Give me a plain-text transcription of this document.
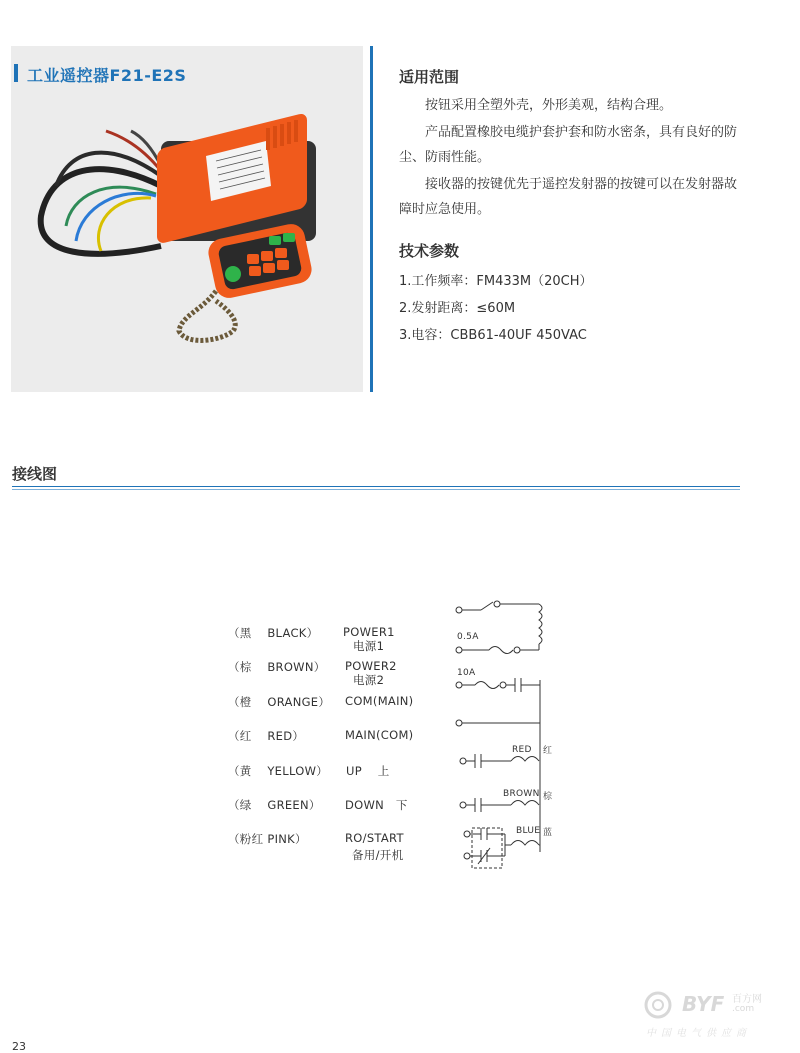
工业遥控器F21-E2S	适用范围
按钮采用全塑外壳，外形美观，结构合理。
产品配置橡胶电缆护套护套和防水密条，具有良好的防尘、防雨性能。
接收器的按键优先于遥控发射器的按键可以在发射器故障时应急使用。
技术参数
1.工作频率：FM433M（20CH）
2.发射距离：≤60M
3.电容：CBB61-40UF 450VAC
接线图
（黑　 BLACK） POWER1
电源1
（棕　 BROWN） POWER2
电源2
（橙　 ORANGE） COM(MAIN)
（红　 RED）	MAIN(COM)
（黄　 YELLOW） UP　 上
（绿　 GREEN） DOWN　下
（粉红 PINK）	RO/START
备用/开机
0.5A
10A
RED 红
BROWN 棕
BLUE 蓝
23
BYF 百方网
.com
中国电气供应商
